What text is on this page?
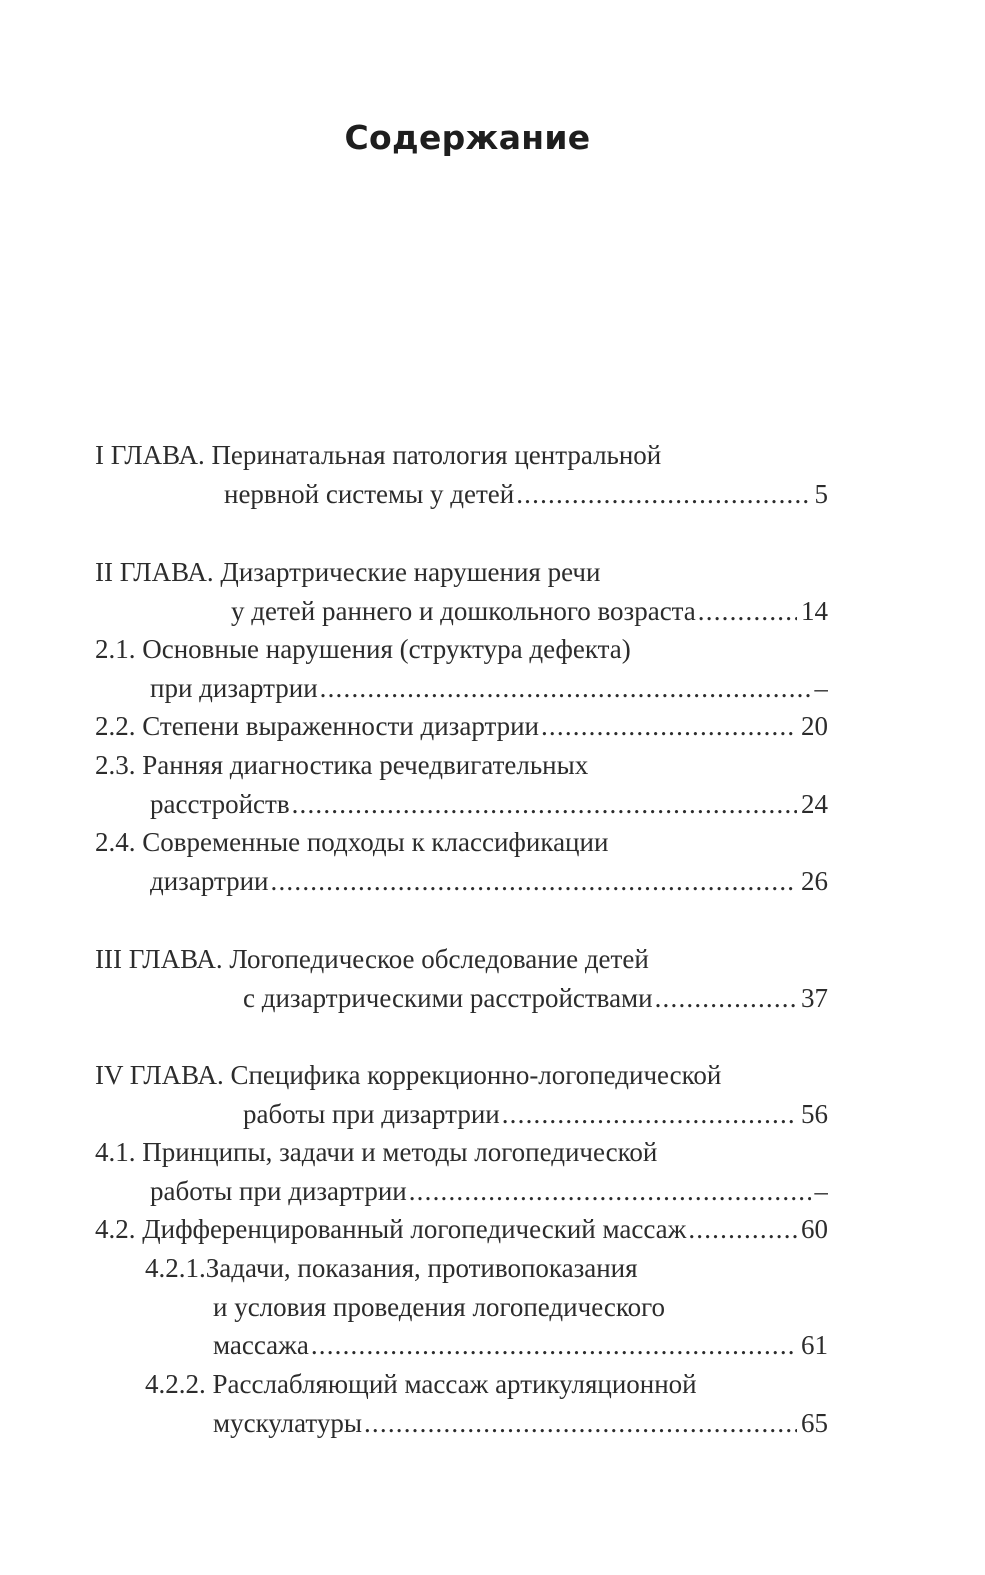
Содержание
I ГЛАВА. Перинатальная патология центральной
нервной системы у детей .....	5
II ГЛАВА. Дизартрические нарушения речи
у детей раннего и дошкольного возраста .....	14
2.1. Основные нарушения (структура дефекта)
при дизартрии .....	–
2.2. Степени выраженности дизартрии .....	20
2.3. Ранняя диагностика речедвигательных
расстройств .....	24
2.4. Современные подходы к классификации
дизартрии .....	26
III ГЛАВА. Логопедическое обследование детей
с дизартрическими расстройствами .....	37
IV ГЛАВА. Специфика коррекционно-логопедической
работы при дизартрии .....	56
4.1. Принципы, задачи и методы логопедической
работы при дизартрии .....	–
4.2. Дифференцированный логопедический массаж .....	60
4.2.1.Задачи, показания, противопоказания
и условия проведения логопедического
массажа .....	61
4.2.2. Расслабляющий массаж артикуляционной
мускулатуры .....	65
